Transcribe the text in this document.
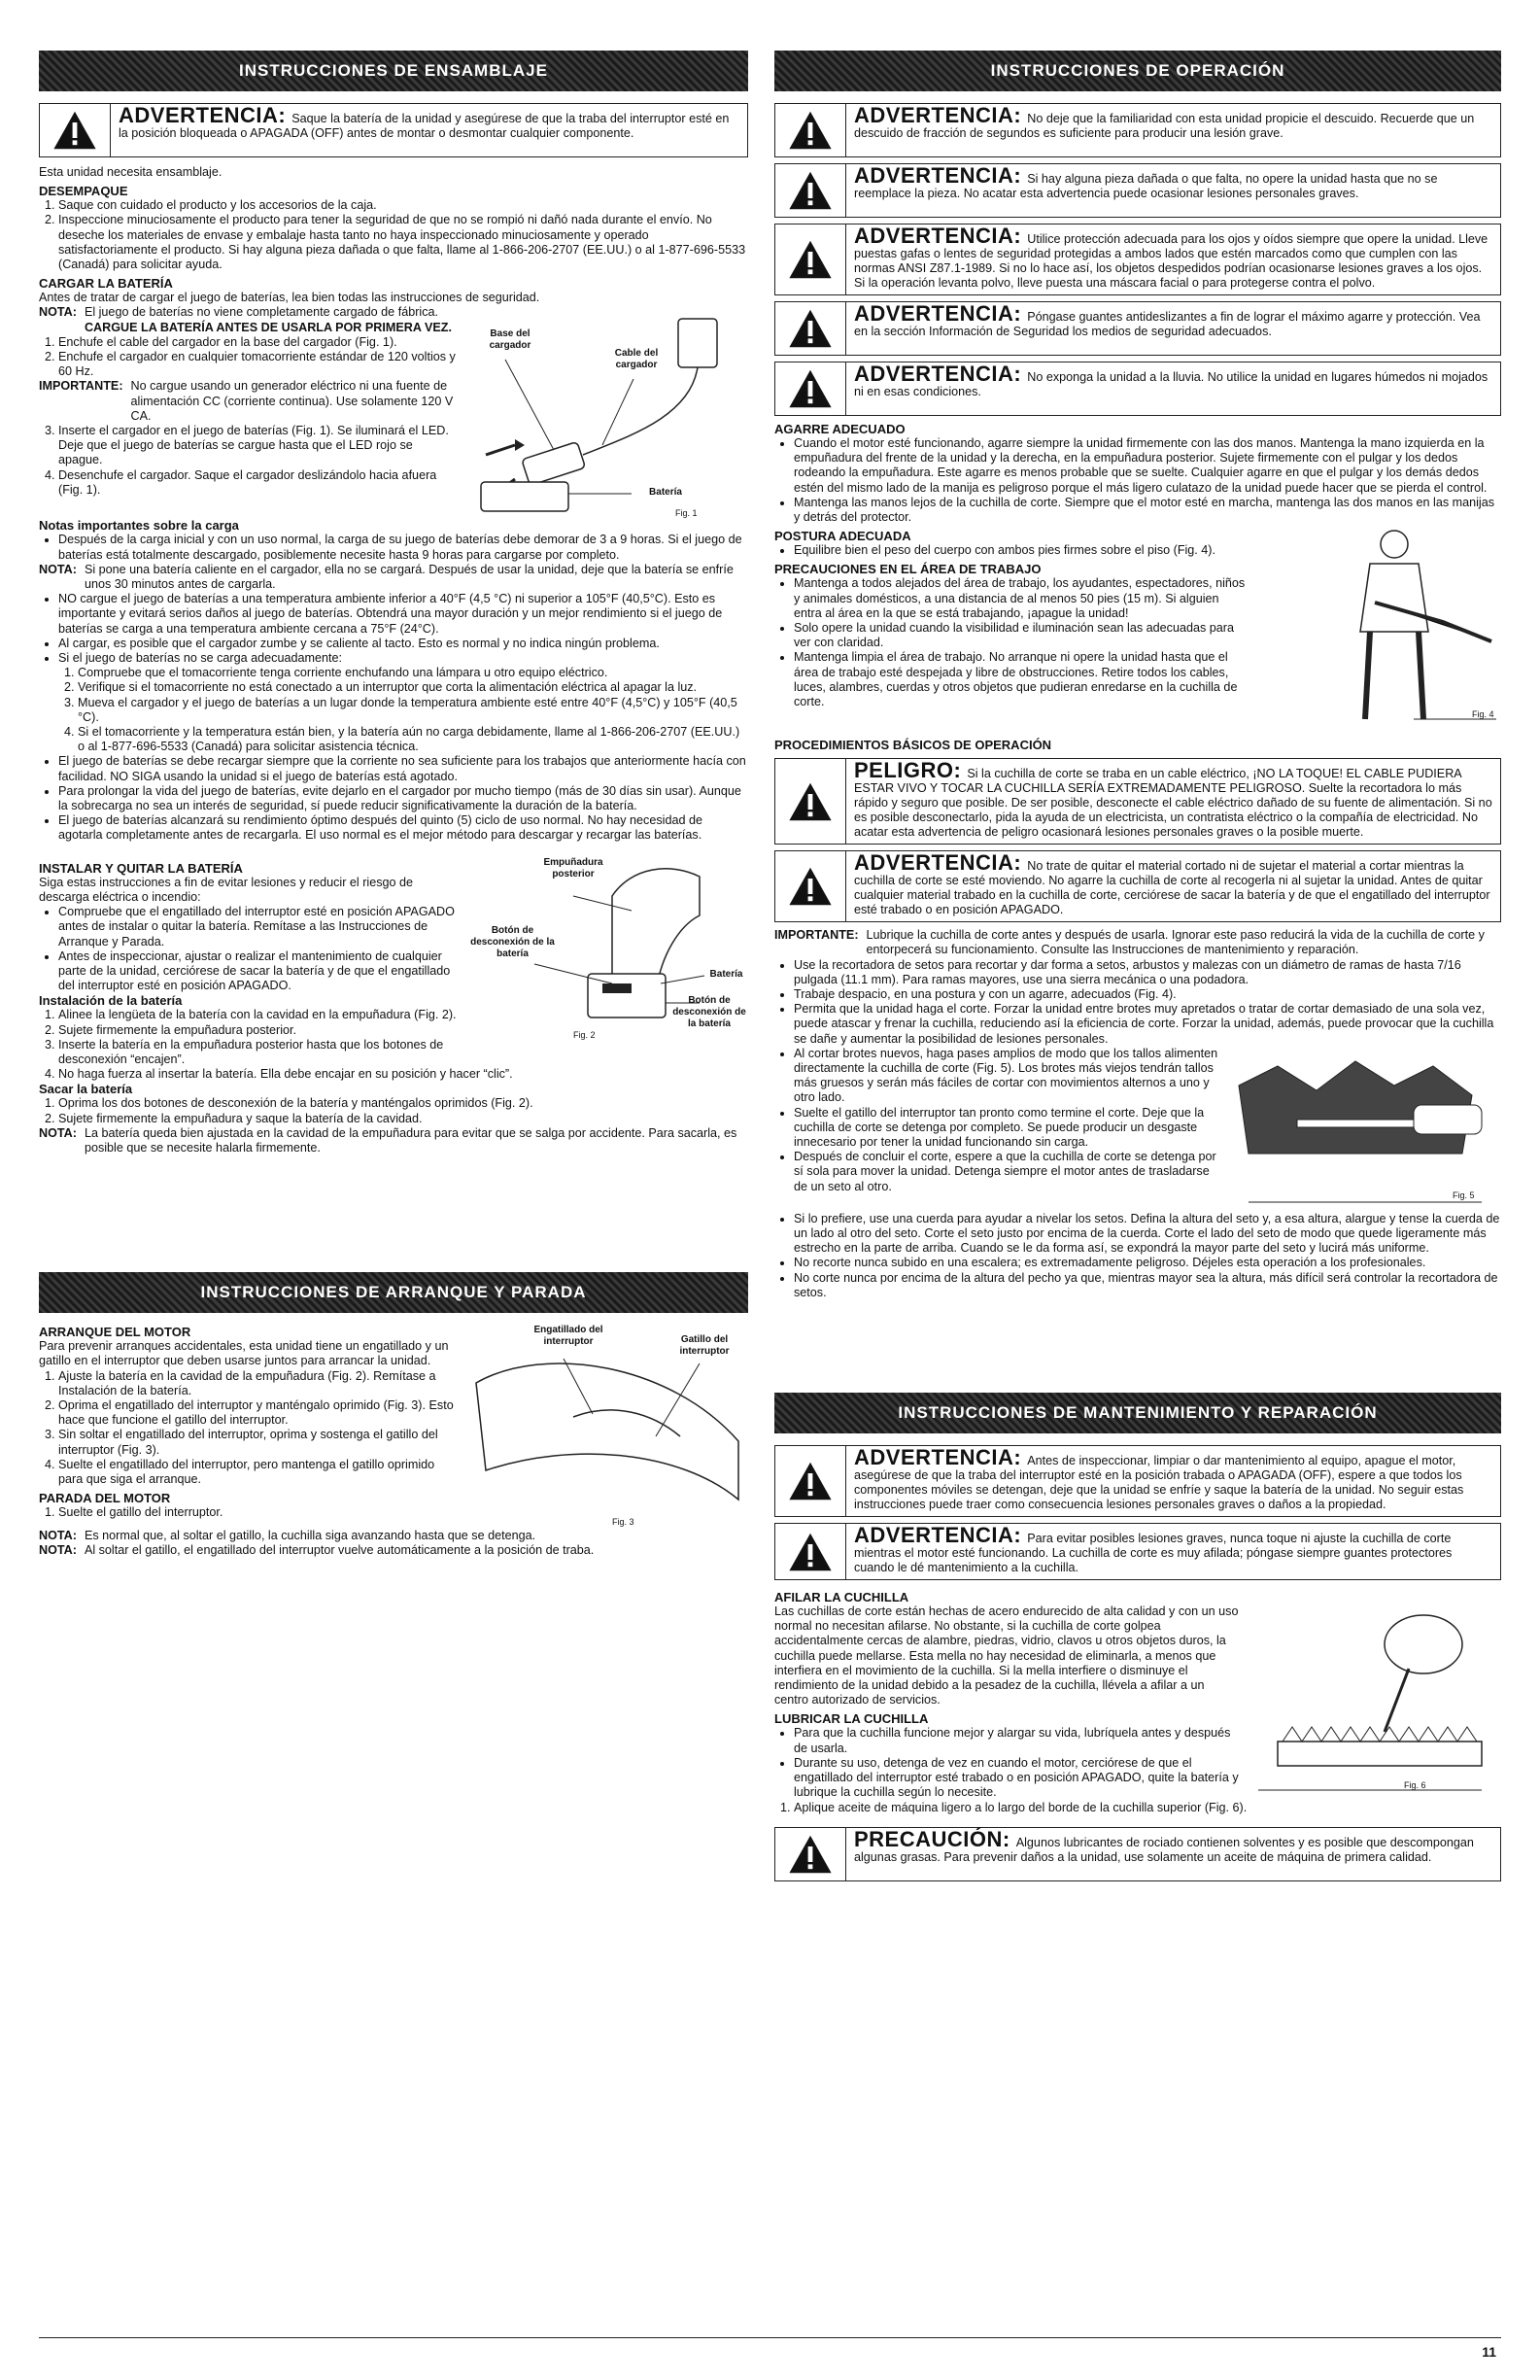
INSTRUCCIONES DE ENSAMBLAJE
ADVERTENCIA: Saque la batería de la unidad y asegúrese de que la traba del interruptor esté en la posición bloqueada o APAGADA (OFF) antes de montar o desmontar cualquier componente.

Esta unidad necesita ensamblaje.

DESEMPAQUE
1. Saque con cuidado el producto y los accesorios de la caja.
2. Inspeccione minuciosamente el producto para tener la seguridad de que no se rompió ni dañó nada durante el envío. No deseche los materiales de envase y embalaje hasta tanto no haya inspeccionado minuciosamente y operado satisfactoriamente el producto. Si hay alguna pieza dañada o que falta, llame al 1-866-206-2707 (EE.UU.) o al 1-877-696-5533 (Canadá) para solicitar ayuda.
CARGAR LA BATERÍA

Antes de tratar de cargar el juego de baterías, lea bien todas las instrucciones de seguridad.

Base del cargador
Cable del cargador
Batería
Fig. 1
NOTA: El juego de baterías no viene completamente cargado de fábrica. CARGUE LA BATERÍA ANTES DE USARLA POR PRIMERA VEZ.
1. Enchufe el cable del cargador en la base del cargador (Fig. 1).
2. Enchufe el cargador en cualquier tomacorriente estándar de 120 voltios y 60 Hz.
IMPORTANTE: No cargue usando un generador eléctrico ni una fuente de alimentación CC (corriente continua). Use solamente 120 V CA.
3. Inserte el cargador en el juego de baterías (Fig. 1). Se iluminará el LED. Deje que el juego de baterías se cargue hasta que el LED rojo se apague.
4. Desenchufe el cargador. Saque el cargador deslizándolo hacia afuera (Fig. 1).
Notas importantes sobre la carga
• Después de la carga inicial y con un uso normal, la carga de su juego de baterías debe demorar de 3 a 9 horas. Si el juego de baterías está totalmente descargado, posiblemente necesite hasta 9 horas para cargarse por completo.
NOTA: Si pone una batería caliente en el cargador, ella no se cargará. Después de usar la unidad, deje que la batería se enfríe unos 30 minutos antes de cargarla.
• NO cargue el juego de baterías a una temperatura ambiente inferior a 40°F (4,5 °C) ni superior a 105°F (40,5°C). Esto es importante y evitará serios daños al juego de baterías. Obtendrá una mayor duración y un mejor rendimiento si el juego de baterías se carga a una temperatura ambiente cercana a 75°F (24°C).
• Al cargar, es posible que el cargador zumbe y se caliente al tacto. Esto es normal y no indica ningún problema.
• Si el juego de baterías no se carga adecuadamente:
1. Compruebe que el tomacorriente tenga corriente enchufando una lámpara u otro equipo eléctrico.
2. Verifique si el tomacorriente no está conectado a un interruptor que corta la alimentación eléctrica al apagar la luz.
3. Mueva el cargador y el juego de baterías a un lugar donde la temperatura ambiente esté entre 40°F (4,5°C) y 105°F (40,5 °C).
4. Si el tomacorriente y la temperatura están bien, y la batería aún no carga debidamente, llame al 1-866-206-2707 (EE.UU.) o al 1-877-696-5533 (Canadá) para solicitar asistencia técnica.
• El juego de baterías se debe recargar siempre que la corriente no sea suficiente para los trabajos que anteriormente hacía con facilidad. NO SIGA usando la unidad si el juego de baterías está agotado.
• Para prolongar la vida del juego de baterías, evite dejarlo en el cargador por mucho tiempo (más de 30 días sin usar). Aunque la sobrecarga no sea un interés de seguridad, sí puede reducir significativamente la duración de la batería.
• El juego de baterías alcanzará su rendimiento óptimo después del quinto (5) ciclo de uso normal. No hay necesidad de agotarla completamente antes de recargarla. El uso normal es el mejor método para descargar y recargar las baterías.
Empuñadura posterior
Botón de desconexión de la batería
Batería
Botón de desconexión de la batería
Fig. 2
INSTALAR Y QUITAR LA BATERÍA

Siga estas instrucciones a fin de evitar lesiones y reducir el riesgo de descarga eléctrica o incendio:

• Compruebe que el engatillado del interruptor esté en posición APAGADO antes de instalar o quitar la batería. Remítase a las Instrucciones de Arranque y Parada.
• Antes de inspeccionar, ajustar o realizar el mantenimiento de cualquier parte de la unidad, cerciórese de sacar la batería y de que el engatillado del interruptor esté en posición APAGADO.
Instalación de la batería
1. Alinee la lengüeta de la batería con la cavidad en la empuñadura (Fig. 2).
2. Sujete firmemente la empuñadura posterior.
3. Inserte la batería en la empuñadura posterior hasta que los botones de desconexión “encajen”.
4. No haga fuerza al insertar la batería. Ella debe encajar en su posición y hacer “clic”.
Sacar la batería
1. Oprima los dos botones de desconexión de la batería y manténgalos oprimidos (Fig. 2).
2. Sujete firmemente la empuñadura y saque la batería de la cavidad.
NOTA: La batería queda bien ajustada en la cavidad de la empuñadura para evitar que se salga por accidente. Para sacarla, es posible que se necesite halarla firmemente.
INSTRUCCIONES DE ARRANQUE Y PARADA
Engatillado del interruptor	Gatillo del interruptor
Fig. 3
ARRANQUE DEL MOTOR

Para prevenir arranques accidentales, esta unidad tiene un engatillado y un gatillo en el interruptor que deben usarse juntos para arrancar la unidad.

1. Ajuste la batería en la cavidad de la empuñadura (Fig. 2). Remítase a Instalación de la batería.
2. Oprima el engatillado del interruptor y manténgalo oprimido (Fig. 3). Esto hace que funcione el gatillo del interruptor.
3. Sin soltar el engatillado del interruptor, oprima y sostenga el gatillo del interruptor (Fig. 3).
4. Suelte el engatillado del interruptor, pero mantenga el gatillo oprimido para que siga el arranque.
PARADA DEL MOTOR
1. Suelte el gatillo del interruptor.
NOTA: Es normal que, al soltar el gatillo, la cuchilla siga avanzando hasta que se detenga.
NOTA: Al soltar el gatillo, el engatillado del interruptor vuelve automáticamente a la posición de traba.
INSTRUCCIONES DE OPERACIÓN
ADVERTENCIA: No deje que la familiaridad con esta unidad propicie el descuido. Recuerde que un descuido de fracción de segundos es suficiente para producir una lesión grave.
ADVERTENCIA: Si hay alguna pieza dañada o que falta, no opere la unidad hasta que no se reemplace la pieza. No acatar esta advertencia puede ocasionar lesiones personales graves.
ADVERTENCIA: Utilice protección adecuada para los ojos y oídos siempre que opere la unidad. Lleve puestas gafas o lentes de seguridad protegidas a ambos lados que estén marcados como que cumplen con las normas ANSI Z87.1-1989. Si no lo hace así, los objetos despedidos podrían ocasionarse lesiones graves a los ojos. Si la operación levanta polvo, lleve puesta una máscara facial o para protegerse contra el polvo.
ADVERTENCIA: Póngase guantes antideslizantes a fin de lograr el máximo agarre y protección. Vea en la sección Información de Seguridad los medios de seguridad adecuados.
ADVERTENCIA: No exponga la unidad a la lluvia. No utilice la unidad en lugares húmedos ni mojados ni en esas condiciones.
AGARRE ADECUADO
• Cuando el motor esté funcionando, agarre siempre la unidad firmemente con las dos manos. Mantenga la mano izquierda en la empuñadura del frente de la unidad y la derecha, en la empuñadura posterior. Sujete firmemente con el pulgar y los dedos rodeando la empuñadura. Este agarre es menos probable que se suelte. Cualquier agarre en que el pulgar y los demás dedos estén del mismo lado de la manija es peligroso porque el más ligero culatazo de la unidad puede hacer que se pierda el control.
• Mantenga las manos lejos de la cuchilla de corte. Siempre que el motor esté en marcha, mantenga las dos manos en las manijas y detrás del protector.
Fig. 4
POSTURA ADECUADA
• Equilibre bien el peso del cuerpo con ambos pies firmes sobre el piso (Fig. 4).
PRECAUCIONES EN EL ÁREA DE TRABAJO
• Mantenga a todos alejados del área de trabajo, los ayudantes, espectadores, niños y animales domésticos, a una distancia de al menos 50 pies (15 m). Si alguien entra al área en la que se está trabajando, ¡apague la unidad!
• Solo opere la unidad cuando la visibilidad e iluminación sean las adecuadas para ver con claridad.
• Mantenga limpia el área de trabajo. No arranque ni opere la unidad hasta que el área de trabajo esté despejada y libre de obstrucciones. Retire todos los cables, luces, alambres, cuerdas y otros objetos que pudieran enredarse en la cuchilla de corte.
PROCEDIMIENTOS BÁSICOS DE OPERACIÓN
PELIGRO: Si la cuchilla de corte se traba en un cable eléctrico, ¡NO LA TOQUE! EL CABLE PUDIERA ESTAR VIVO Y TOCAR LA CUCHILLA SERÍA EXTREMADAMENTE PELIGROSO. Suelte la recortadora lo más rápido y seguro que posible. De ser posible, desconecte el cable eléctrico dañado de su fuente de alimentación. Si no es posible desconectarlo, pida la ayuda de un electricista, un contratista eléctrico o la compañía de electricidad. No acatar esta advertencia de peligro ocasionará lesiones personales graves o la posible muerte.
ADVERTENCIA: No trate de quitar el material cortado ni de sujetar el material a cortar mientras la cuchilla de corte se esté moviendo. No agarre la cuchilla de corte al recogerla ni al sujetar la unidad. Antes de quitar cualquier material trabado en la cuchilla de corte, cerciórese de sacar la batería y de que el engatillado del interruptor esté trabado o en posición APAGADO.
IMPORTANTE: Lubrique la cuchilla de corte antes y después de usarla. Ignorar este paso reducirá la vida de la cuchilla de corte y entorpecerá su funcionamiento. Consulte las Instrucciones de mantenimiento y reparación.
• Use la recortadora de setos para recortar y dar forma a setos, arbustos y malezas con un diámetro de ramas de hasta 7/16 pulgada (11.1 mm). Para ramas mayores, use una sierra mecánica o una podadora.
• Trabaje despacio, en una postura y con un agarre, adecuados (Fig. 4).
• Permita que la unidad haga el corte. Forzar la unidad entre brotes muy apretados o tratar de cortar demasiado de una sola vez, puede atascar y frenar la cuchilla, reduciendo así la eficiencia de corte. Forzar la unidad, además, puede provocar que la cuchilla se dañe y aumentar la posibilidad de lesiones personales.
Fig. 5
• Al cortar brotes nuevos, haga pases amplios de modo que los tallos alimenten directamente la cuchilla de corte (Fig. 5). Los brotes más viejos tendrán tallos más gruesos y serán más fáciles de cortar con movimientos alternos a uno y otro lado.
• Suelte el gatillo del interruptor tan pronto como termine el corte. Deje que la cuchilla de corte se detenga por completo. Se puede producir un desgaste innecesario por tener la unidad funcionando sin carga.
• Después de concluir el corte, espere a que la cuchilla de corte se detenga por sí sola para mover la unidad. Detenga siempre el motor antes de trasladarse de un seto al otro.
• Si lo prefiere, use una cuerda para ayudar a nivelar los setos. Defina la altura del seto y, a esa altura, alargue y tense la cuerda de un lado al otro del seto. Corte el seto justo por encima de la cuerda. Corte el lado del seto de modo que quede ligeramente más estrecho en la parte de arriba. Cuando se le da forma así, se expondrá la mayor parte del seto y lucirá más uniforme.
• No recorte nunca subido en una escalera; es extremadamente peligroso. Déjeles esta operación a los profesionales.
• No corte nunca por encima de la altura del pecho ya que, mientras mayor sea la altura, más difícil será controlar la recortadora de setos.
INSTRUCCIONES DE MANTENIMIENTO Y REPARACIÓN
ADVERTENCIA: Antes de inspeccionar, limpiar o dar mantenimiento al equipo, apague el motor, asegúrese de que la traba del interruptor esté en la posición trabada o APAGADA (OFF), espere a que todos los componentes móviles se detengan, deje que la unidad se enfríe y saque la batería de la unidad. No seguir estas instrucciones puede traer como consecuencia lesiones personales graves o daños a la propiedad.
ADVERTENCIA: Para evitar posibles lesiones graves, nunca toque ni ajuste la cuchilla de corte mientras el motor esté funcionando. La cuchilla de corte es muy afilada; póngase siempre guantes protectores cuando le dé mantenimiento a la cuchilla.
Fig. 6
AFILAR LA CUCHILLA

Las cuchillas de corte están hechas de acero endurecido de alta calidad y con un uso normal no necesitan afilarse. No obstante, si la cuchilla de corte golpea accidentalmente cercas de alambre, piedras, vidrio, clavos u otros objetos duros, la cuchilla puede mellarse. Esta mella no hay necesidad de eliminarla, a menos que interfiera en el movimiento de la cuchilla. Si la mella interfiere o disminuye el rendimiento de la unidad debido a la pesadez de la cuchilla, llévela a afilar a un centro autorizado de servicios.

LUBRICAR LA CUCHILLA
• Para que la cuchilla funcione mejor y alargar su vida, lubríquela antes y después de usarla.
• Durante su uso, detenga de vez en cuando el motor, cerciórese de que el engatillado del interruptor esté trabado o en posición APAGADO, quite la batería y lubrique la cuchilla según lo necesite.
1. Aplique aceite de máquina ligero a lo largo del borde de la cuchilla superior (Fig. 6).
PRECAUCIÓN: Algunos lubricantes de rociado contienen solventes y es posible que descompongan algunas grasas. Para prevenir daños a la unidad, use solamente un aceite de máquina de primera calidad.
11
